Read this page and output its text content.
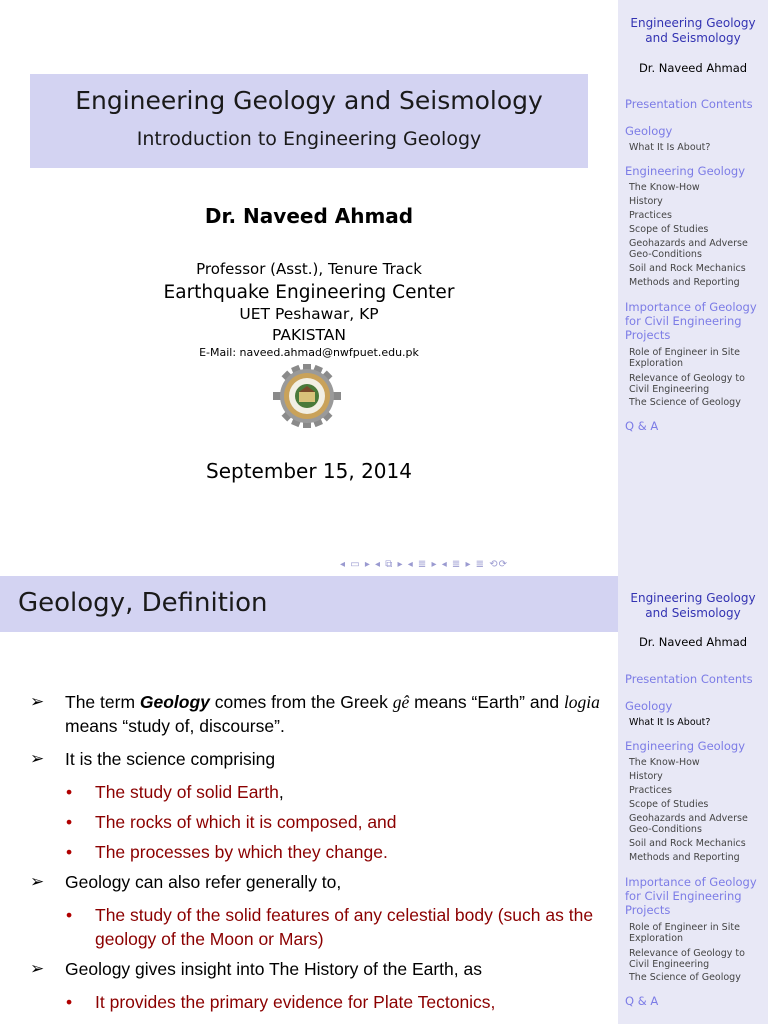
Engineering Geology and Seismology
Introduction to Engineering Geology
Dr. Naveed Ahmad
Professor (Asst.), Tenure Track
Earthquake Engineering Center
UET Peshawar, KP
PAKISTAN
E-Mail: naveed.ahmad@nwfpuet.edu.pk
September 15, 2014
◂ ▭ ▸ ◂ ⧉ ▸ ◂ ≣ ▸ ◂ ≣ ▸ ≣ ⟲⟳
Engineering Geology and Seismology
Dr. Naveed Ahmad
Presentation Contents
Geology
What It Is About?
Engineering Geology
The Know-How
History
Practices
Scope of Studies
Geohazards and Adverse Geo-Conditions
Soil and Rock Mechanics
Methods and Reporting
Importance of Geology for Civil Engineering Projects
Role of Engineer in Site Exploration
Relevance of Geology to Civil Engineering
The Science of Geology
Q & A
Geology, Definition
➢ The term Geology comes from the Greek gê means “Earth” and logia means “study of, discourse”.
➢ It is the science comprising
• The study of solid Earth,
• The rocks of which it is composed, and
• The processes by which they change.
➢ Geology can also refer generally to,
• The study of the solid features of any celestial body (such as the geology of the Moon or Mars)
➢ Geology gives insight into The History of the Earth, as
• It provides the primary evidence for Plate Tectonics,
Engineering Geology and Seismology
Dr. Naveed Ahmad
Presentation Contents
Geology
What It Is About?
Engineering Geology
The Know-How
History
Practices
Scope of Studies
Geohazards and Adverse Geo-Conditions
Soil and Rock Mechanics
Methods and Reporting
Importance of Geology for Civil Engineering Projects
Role of Engineer in Site Exploration
Relevance of Geology to Civil Engineering
The Science of Geology
Q & A
